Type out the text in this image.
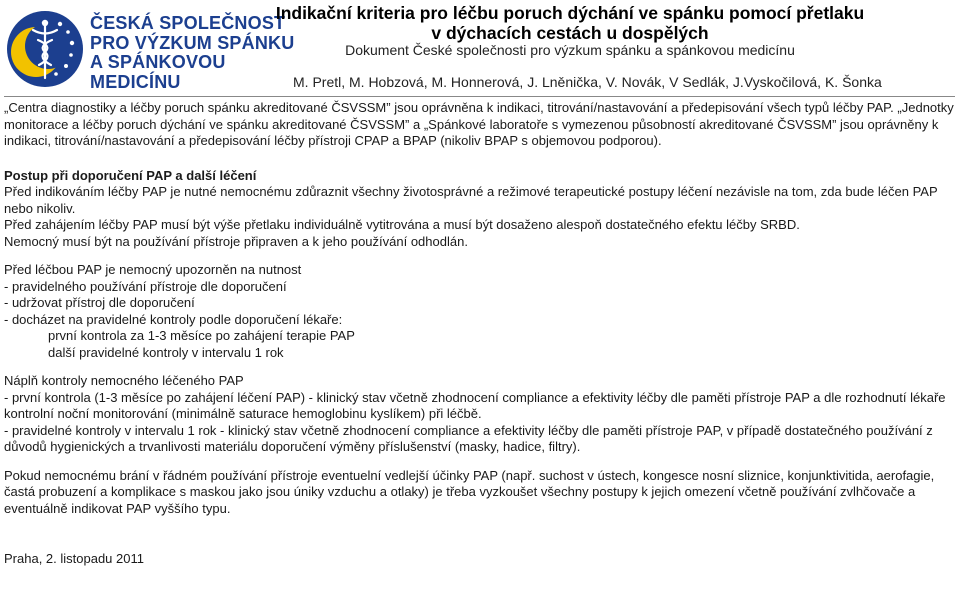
ČESKÁ SPOLEČNOST
PRO VÝZKUM SPÁNKU
A SPÁNKOVOU
MEDICÍNU
Indikační kriteria pro léčbu poruch dýchání ve spánku pomocí přetlaku
v dýchacích cestách u dospělých
Dokument České společnosti pro výzkum spánku a spánkovou medicínu
M. Pretl, M. Hobzová, M. Honnerová, J. Lněnička, V. Novák, V Sedlák, J.Vyskočilová, K. Šonka

„Centra diagnostiky a léčby poruch spánku akreditované ČSVSSM” jsou oprávněna k indikaci, titrování/nastavování a předepisování všech typů léčby PAP. „Jednotky monitorace a léčby poruch dýchání ve spánku akreditované ČSVSSM” a „Spánkové laboratoře s vymezenou působností akreditované ČSVSSM” jsou oprávněny k indikaci, titrování/nastavování a předepisování léčby přístroji CPAP a BPAP (nikoliv BPAP s objemovou podporou).

Postup při doporučení PAP a další léčení

Před indikováním léčby PAP je nutné nemocnému zdůraznit všechny životosprávné a režimové terapeutické postupy léčení nezávisle na tom, zda bude léčen PAP nebo nikoliv.

Před zahájením léčby PAP musí být výše přetlaku individuálně vytitrována a musí být dosaženo alespoň dostatečného efektu léčby SRBD.

Nemocný musí být na používání přístroje připraven a k jeho používání odhodlán.

Před léčbou PAP je nemocný upozorněn na nutnost

- pravidelného používání přístroje dle doporučení

- udržovat přístroj dle doporučení

- docházet na pravidelné kontroly podle doporučení lékaře:

první kontrola za 1-3 měsíce po zahájení terapie PAP

další pravidelné kontroly v intervalu 1 rok

Náplň kontroly nemocného léčeného PAP

- první kontrola (1-3 měsíce po zahájení léčení PAP) - klinický stav včetně zhodnocení compliance a efektivity léčby dle paměti přístroje PAP a dle rozhodnutí lékaře kontrolní noční monitorování (minimálně saturace hemoglobinu kyslíkem) při léčbě.

- pravidelné kontroly v intervalu 1 rok - klinický stav včetně zhodnocení compliance a efektivity léčby dle paměti přístroje PAP, v případě dostatečného používání z důvodů hygienických a trvanlivosti materiálu doporučení výměny příslušenství (masky, hadice, filtry).

Pokud nemocnému brání v řádném používání přístroje eventuelní vedlejší účinky PAP (např. suchost v ústech, kongesce nosní sliznice, konjunktivitida, aerofagie, častá probuzení a komplikace s maskou jako jsou úniky vzduchu a otlaky) je třeba vyzkoušet všechny postupy k jejich omezení včetně používání zvlhčovače a eventuálně indikovat PAP vyššího typu.

Praha, 2. listopadu 2011
